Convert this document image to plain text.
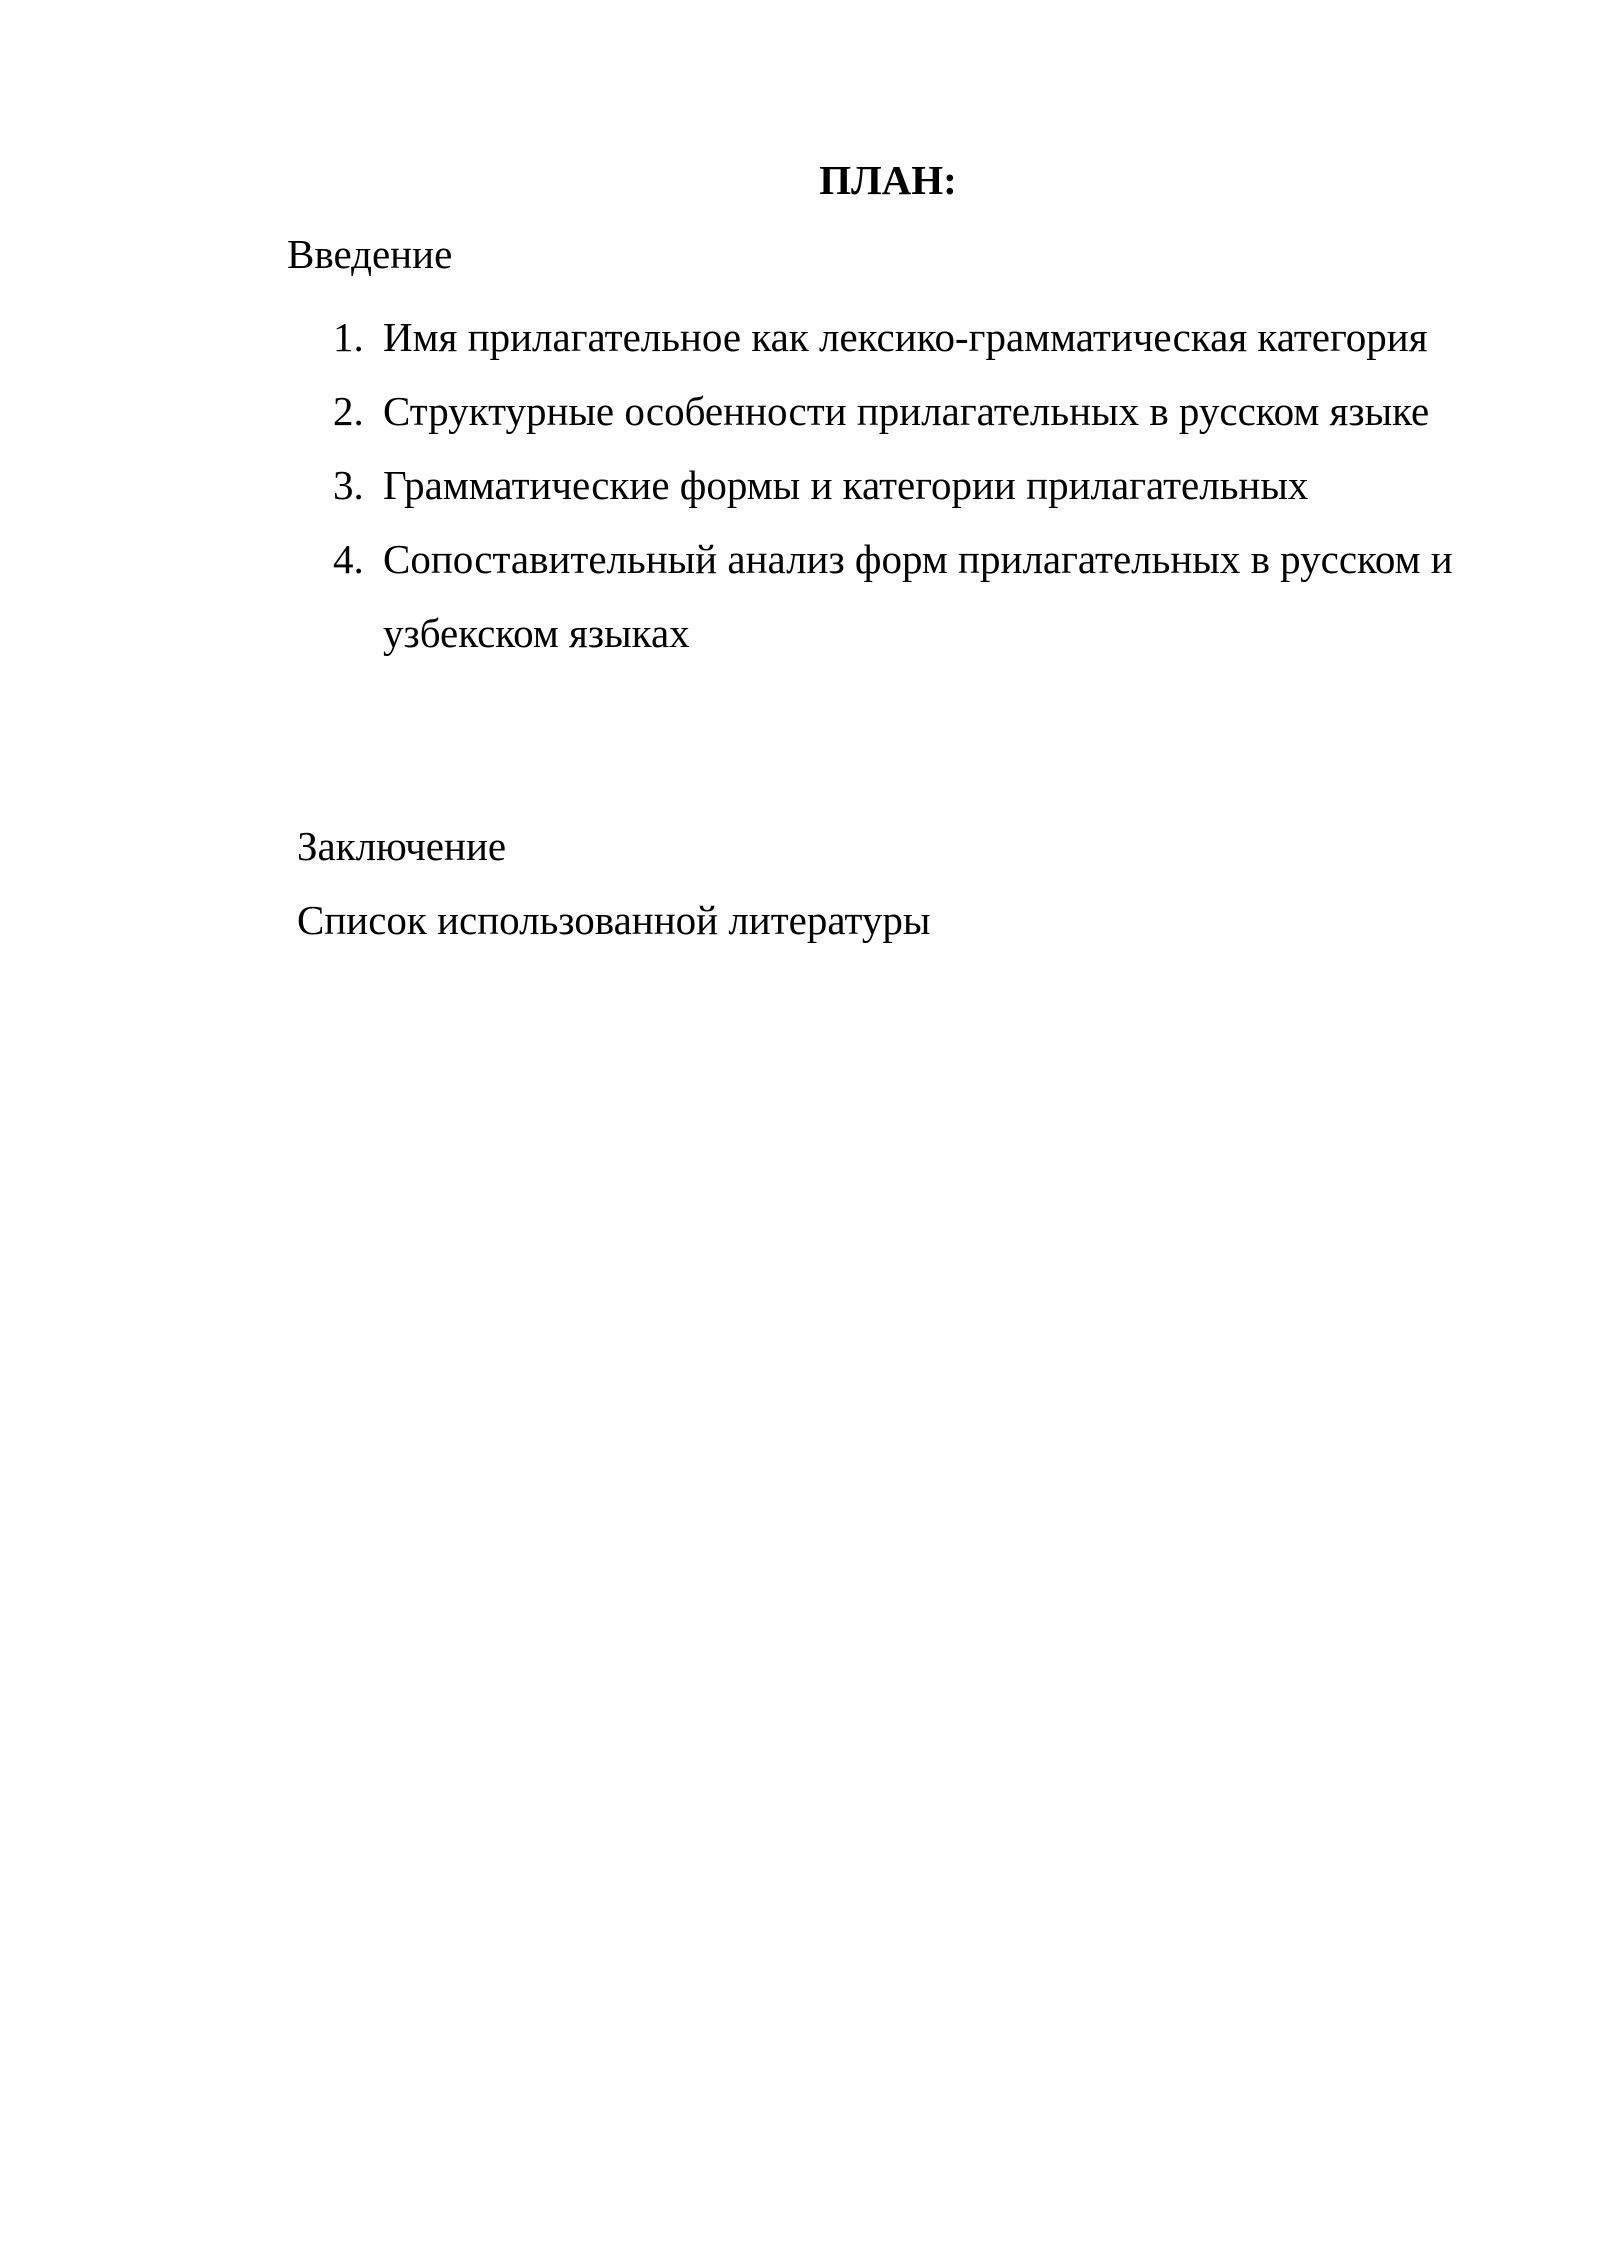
ПЛАН:

Введение

1. Имя прилагательное как лексико-грамматическая категория
2. Структурные особенности прилагательных в русском языке
3. Грамматические формы и категории прилагательных
4. Сопоставительный анализ форм прилагательных в русском и узбекском языках

Заключение

Список использованной литературы
